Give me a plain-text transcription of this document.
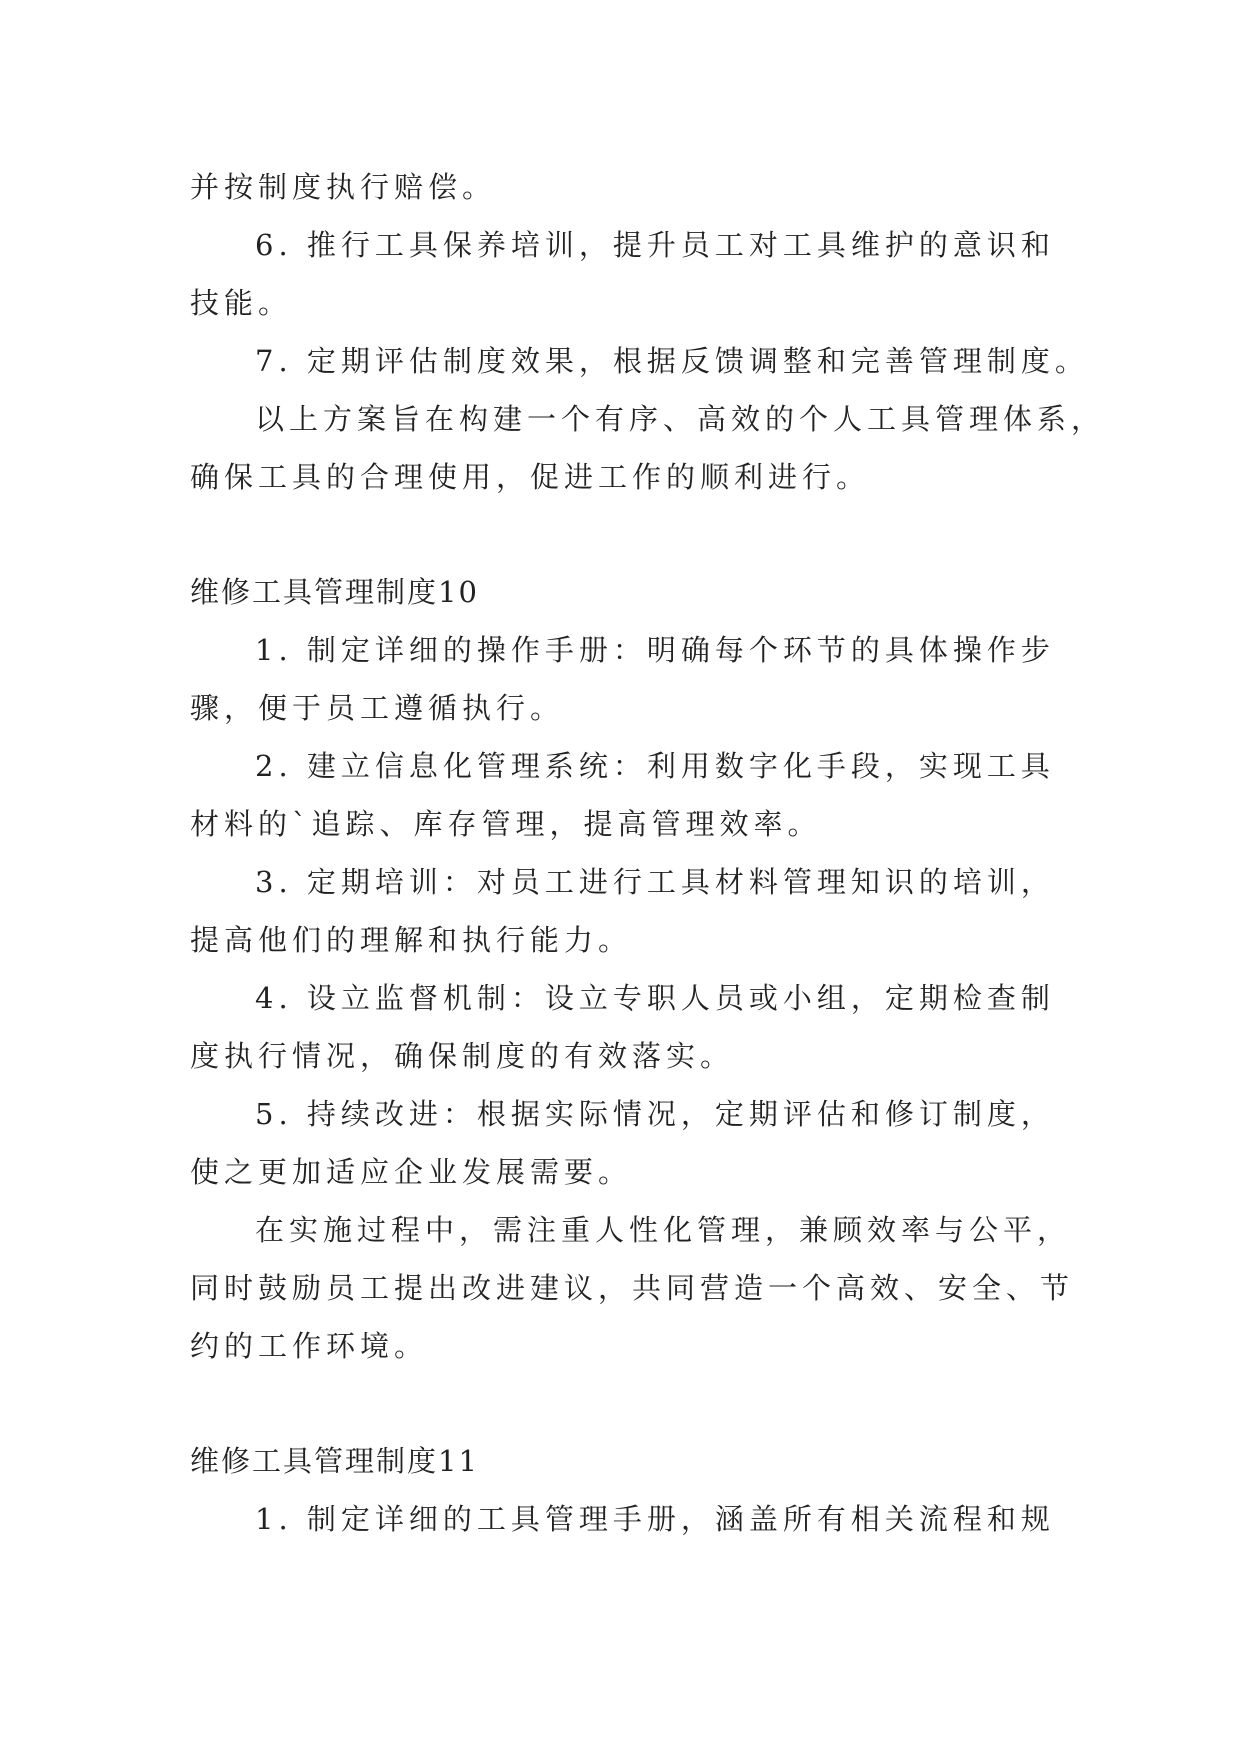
并按制度执行赔偿。
6. 推行工具保养培训，提升员工对工具维护的意识和
技能。
7. 定期评估制度效果，根据反馈调整和完善管理制度。
以上方案旨在构建一个有序、高效的个人工具管理体系，
确保工具的合理使用，促进工作的顺利进行。
维修工具管理制度10
1. 制定详细的操作手册：明确每个环节的具体操作步
骤，便于员工遵循执行。
2. 建立信息化管理系统：利用数字化手段，实现工具
材料的`追踪、库存管理，提高管理效率。
3. 定期培训：对员工进行工具材料管理知识的培训，
提高他们的理解和执行能力。
4. 设立监督机制：设立专职人员或小组，定期检查制
度执行情况，确保制度的有效落实。
5. 持续改进：根据实际情况，定期评估和修订制度，
使之更加适应企业发展需要。
在实施过程中，需注重人性化管理，兼顾效率与公平，
同时鼓励员工提出改进建议，共同营造一个高效、安全、节
约的工作环境。
维修工具管理制度11
1. 制定详细的工具管理手册，涵盖所有相关流程和规
